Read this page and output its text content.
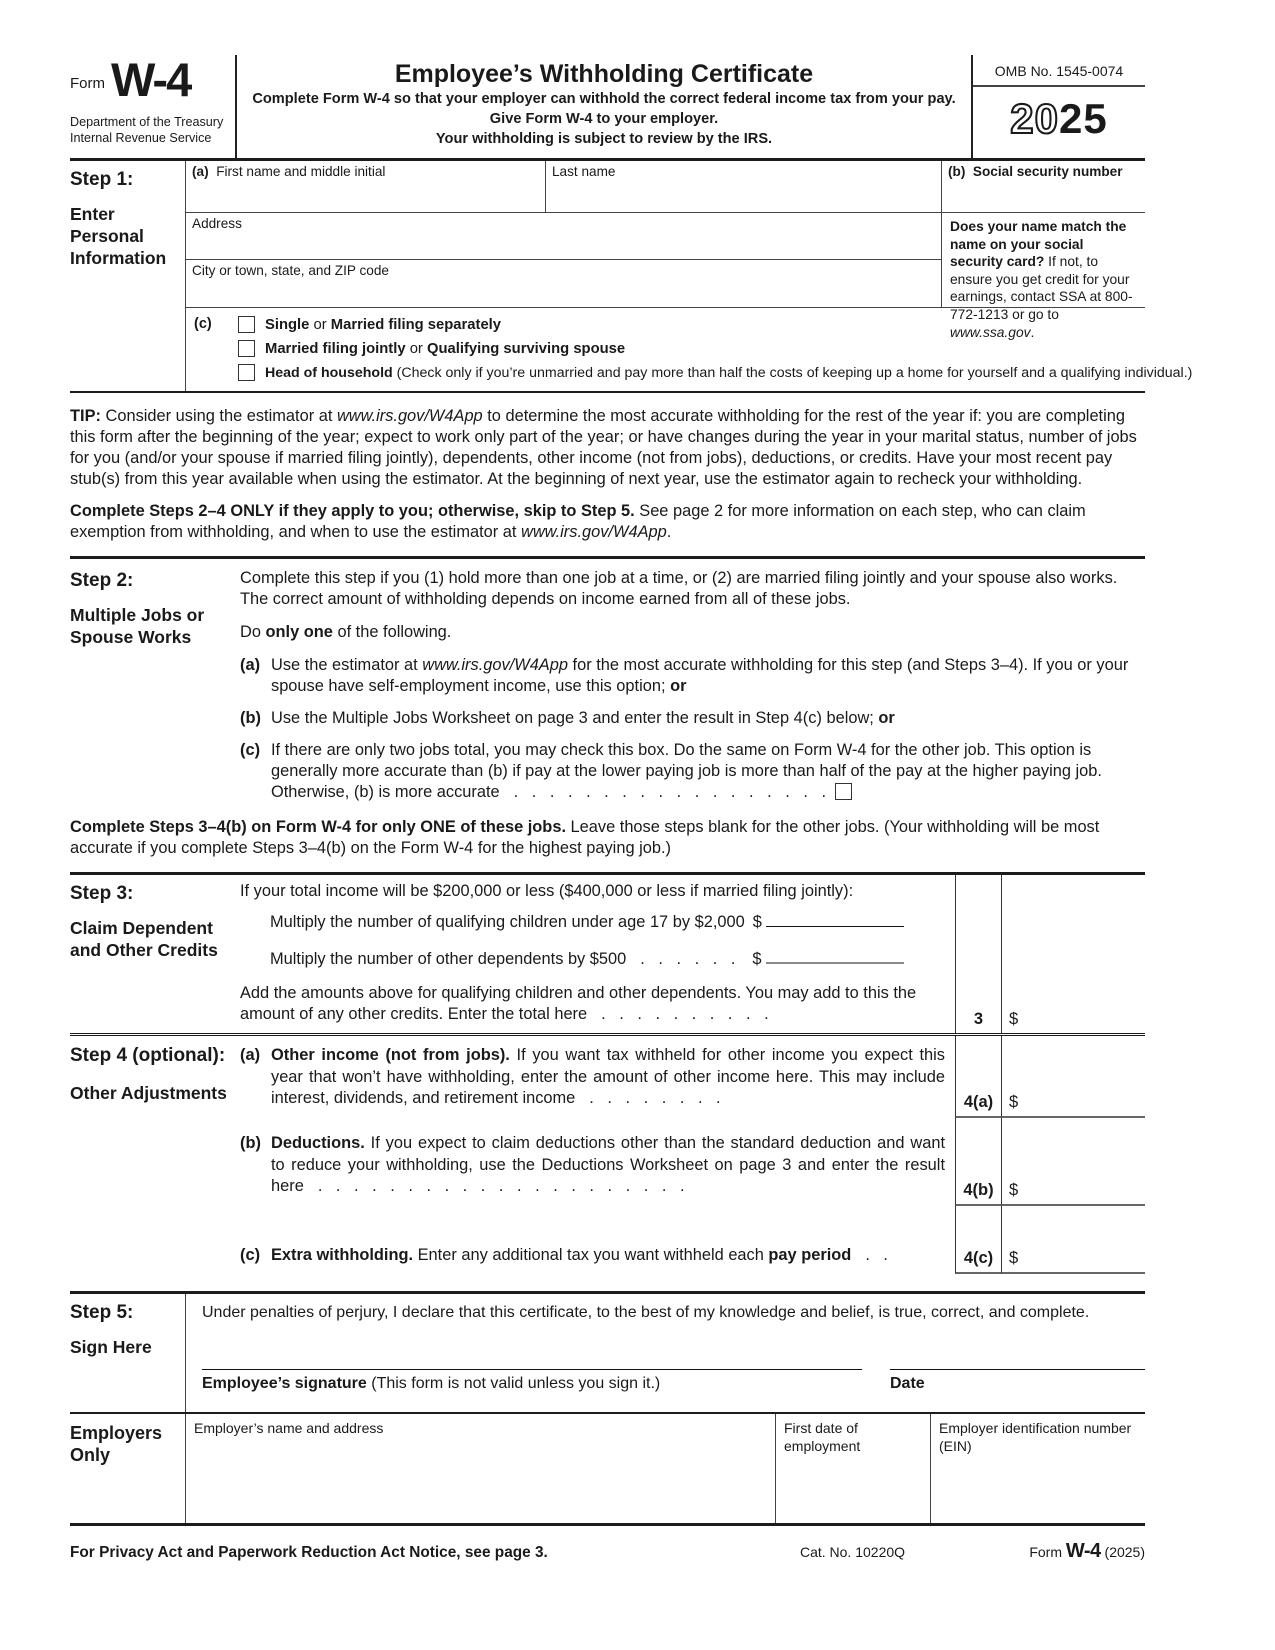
Form W-4
Department of the Treasury
Internal Revenue Service
Employee’s Withholding Certificate
Complete Form W-4 so that your employer can withhold the correct federal income tax from your pay.
Give Form W-4 to your employer.
Your withholding is subject to review by the IRS.
OMB No. 1545-0074
2025
Step 1:
Enter Personal Information
(a) First name and middle initial	Last name	(b) Social security number
Address	Does your name match the name on your social security card? If not, to ensure you get credit for your earnings, contact SSA at 800-772-1213 or go to www.ssa.gov.
City or town, state, and ZIP code
(c)	Single or Married filing separately
Married filing jointly or Qualifying surviving spouse
Head of household (Check only if you’re unmarried and pay more than half the costs of keeping up a home for yourself and a qualifying individual.)
TIP: Consider using the estimator at www.irs.gov/W4App to determine the most accurate withholding for the rest of the year if: you are completing this form after the beginning of the year; expect to work only part of the year; or have changes during the year in your marital status, number of jobs for you (and/or your spouse if married filing jointly), dependents, other income (not from jobs), deductions, or credits. Have your most recent pay stub(s) from this year available when using the estimator. At the beginning of next year, use the estimator again to recheck your withholding.
Complete Steps 2–4 ONLY if they apply to you; otherwise, skip to Step 5. See page 2 for more information on each step, who can claim exemption from withholding, and when to use the estimator at www.irs.gov/W4App.
Step 2:
Multiple Jobs or Spouse Works
Complete this step if you (1) hold more than one job at a time, or (2) are married filing jointly and your spouse also works. The correct amount of withholding depends on income earned from all of these jobs.
Do only one of the following.
(a) Use the estimator at www.irs.gov/W4App for the most accurate withholding for this step (and Steps 3–4). If you or your spouse have self-employment income, use this option; or
(b) Use the Multiple Jobs Worksheet on page 3 and enter the result in Step 4(c) below; or
(c) If there are only two jobs total, you may check this box. Do the same on Form W-4 for the other job. This option is generally more accurate than (b) if pay at the lower paying job is more than half of the pay at the higher paying job. Otherwise, (b) is more accurate . . . . . . . . . . . . . . . . . .
Complete Steps 3–4(b) on Form W-4 for only ONE of these jobs. Leave those steps blank for the other jobs. (Your withholding will be most accurate if you complete Steps 3–4(b) on the Form W-4 for the highest paying job.)
Step 3:
Claim Dependent and Other Credits
If your total income will be $200,000 or less ($400,000 or less if married filing jointly):
Multiply the number of qualifying children under age 17 by $2,000 $
Multiply the number of other dependents by $500 . . . . . . $
Add the amounts above for qualifying children and other dependents. You may add to this the amount of any other credits. Enter the total here . . . . . . . . . .	3	$
Step 4 (optional):
Other Adjustments
(a) Other income (not from jobs). If you want tax withheld for other income you expect this year that won’t have withholding, enter the amount of other income here. This may include interest, dividends, and retirement income . . . . . . . .	4(a) $
(b) Deductions. If you expect to claim deductions other than the standard deduction and want to reduce your withholding, use the Deductions Worksheet on page 3 and enter the result here . . . . . . . . . . . . . . . . . . . . .	4(b) $
(c) Extra withholding. Enter any additional tax you want withheld each pay period . .	4(c) $
Step 5:
Sign Here
Under penalties of perjury, I declare that this certificate, to the best of my knowledge and belief, is true, correct, and complete.
Employee’s signature (This form is not valid unless you sign it.)	Date
Employers Only
Employer’s name and address	First date of employment
Employer identification number (EIN)
For Privacy Act and Paperwork Reduction Act Notice, see page 3.	Cat. No. 10220Q	Form W-4 (2025)
